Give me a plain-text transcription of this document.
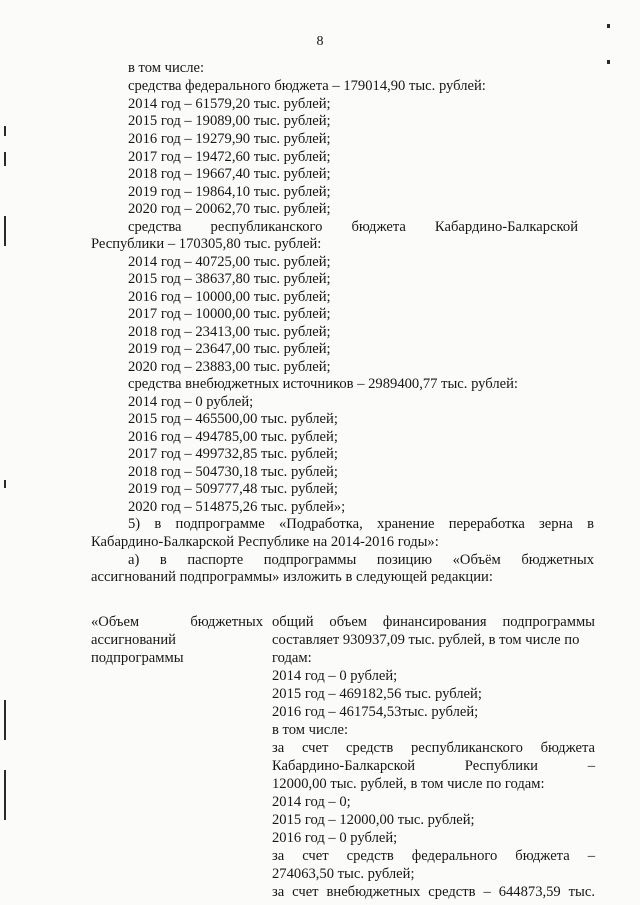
8
в том числе:
средства федерального бюджета – 179014,90 тыс. рублей:
2014 год – 61579,20 тыс. рублей;
2015 год – 19089,00 тыс. рублей;
2016 год – 19279,90 тыс. рублей;
2017 год – 19472,60 тыс. рублей;
2018 год – 19667,40 тыс. рублей;
2019 год – 19864,10 тыс. рублей;
2020 год – 20062,70 тыс. рублей;
средства республиканского бюджета Кабардино-Балкарской
Республики – 170305,80 тыс. рублей:
2014 год – 40725,00 тыс. рублей;
2015 год – 38637,80 тыс. рублей;
2016 год – 10000,00 тыс. рублей;
2017 год – 10000,00 тыс. рублей;
2018 год – 23413,00 тыс. рублей;
2019 год – 23647,00 тыс. рублей;
2020 год – 23883,00 тыс. рублей;
средства внебюджетных источников – 2989400,77 тыс. рублей:
2014 год – 0 рублей;
2015 год – 465500,00 тыс. рублей;
2016 год – 494785,00 тыс. рублей;
2017 год – 499732,85 тыс. рублей;
2018 год – 504730,18 тыс. рублей;
2019 год – 509777,48 тыс. рублей;
2020 год – 514875,26 тыс. рублей»;
5) в подпрограмме «Подработка, хранение переработка зерна в
Кабардино-Балкарской Республике на 2014-2016 годы»:
а) в паспорте подпрограммы позицию «Объём бюджетных
ассигнований подпрограммы» изложить в следующей редакции:
«Объем бюджетных
ассигнований
подпрограммы
общий объем финансирования подпрограммы
составляет 930937,09 тыс. рублей, в том числе по
годам:
2014 год – 0 рублей;
2015 год – 469182,56 тыс. рублей;
2016 год – 461754,53тыс. рублей;
в том числе:
за счет средств республиканского бюджета
Кабардино-Балкарской Республики –
12000,00 тыс. рублей, в том числе по годам:
2014 год – 0;
2015 год – 12000,00 тыс. рублей;
2016 год – 0 рублей;
за счет средств федерального бюджета –
274063,50 тыс. рублей;
за счет внебюджетных средств – 644873,59 тыс.
